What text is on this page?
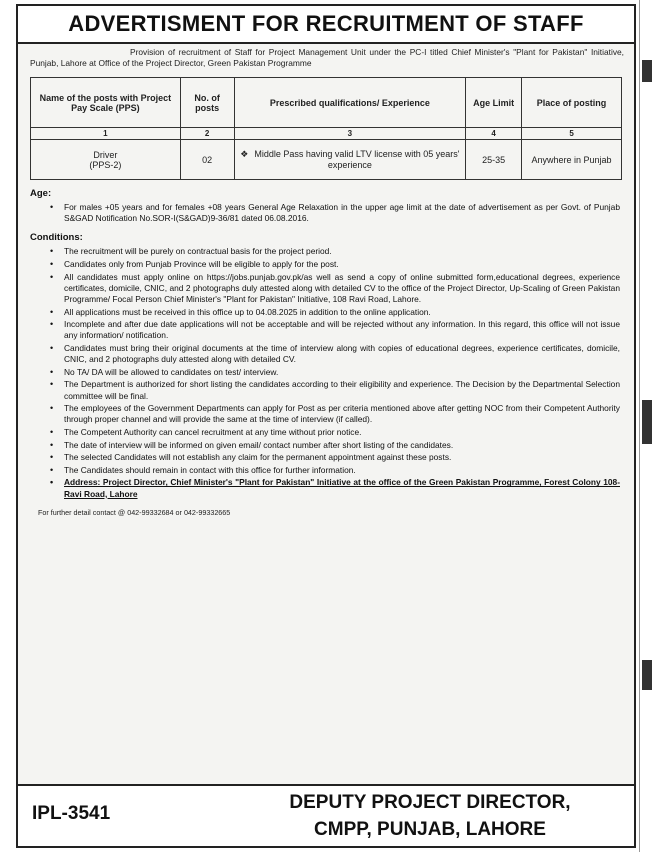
ADVERTISMENT FOR RECRUITMENT OF STAFF

Provision of recruitment of Staff for Project Management Unit under the PC-I titled Chief Minister's "Plant for Pakistan" Initiative, Punjab, Lahore at Office of the Project Director, Green Pakistan Programme

Name of the posts with Project Pay Scale (PPS)	No. of posts	Prescribed qualifications/ Experience	Age Limit	Place of posting
1	2	3	4	5

Driver
(PPS-2)	02	❖ Middle Pass having valid LTV license with 05 years' experience	25-35	Anywhere in Punjab
Age:
• For males +05 years and for females +08 years General Age Relaxation in the upper age limit at the date of advertisement as per Govt. of Punjab S&GAD Notification No.SOR-I(S&GAD)9-36/81 dated 06.08.2016.
Conditions:
• The recruitment will be purely on contractual basis for the project period.
• Candidates only from Punjab Province will be eligible to apply for the post.
• All candidates must apply online on https://jobs.punjab.gov.pk/as well as send a copy of online submitted form,educational degrees, experience certificates, domicile, CNIC, and 2 photographs duly attested along with detailed CV to the office of the Project Director, Up-Scaling of Green Pakistan Programme/ Focal Person Chief Minister's "Plant for Pakistan" Initiative, 108 Ravi Road, Lahore.
• All applications must be received in this office up to 04.08.2025 in addition to the online application.
• Incomplete and after due date applications will not be acceptable and will be rejected without any information. In this regard, this office will not issue any information/ notification.
• Candidates must bring their original documents at the time of interview along with copies of educational degrees, experience certificates, domicile, CNIC, and 2 photographs duly attested along with detailed CV.
• No TA/ DA will be allowed to candidates on test/ interview.
• The Department is authorized for short listing the candidates according to their eligibility and experience. The Decision by the Departmental Selection committee will be final.
• The employees of the Government Departments can apply for Post as per criteria mentioned above after getting NOC from their Competent Authority through proper channel and will provide the same at the time of interview (if called).
• The Competent Authority can cancel recruitment at any time without prior notice.
• The date of interview will be informed on given email/ contact number after short listing of the candidates.
• The selected Candidates will not establish any claim for the permanent appointment against these posts.
• The Candidates should remain in contact with this office for further information.
• Address: Project Director, Chief Minister's "Plant for Pakistan" Initiative at the office of the Green Pakistan Programme, Forest Colony 108-Ravi Road, Lahore
For further detail contact @ 042-99332684 or 042-99332665
IPL-3541
DEPUTY PROJECT DIRECTOR,
CMPP, PUNJAB, LAHORE
